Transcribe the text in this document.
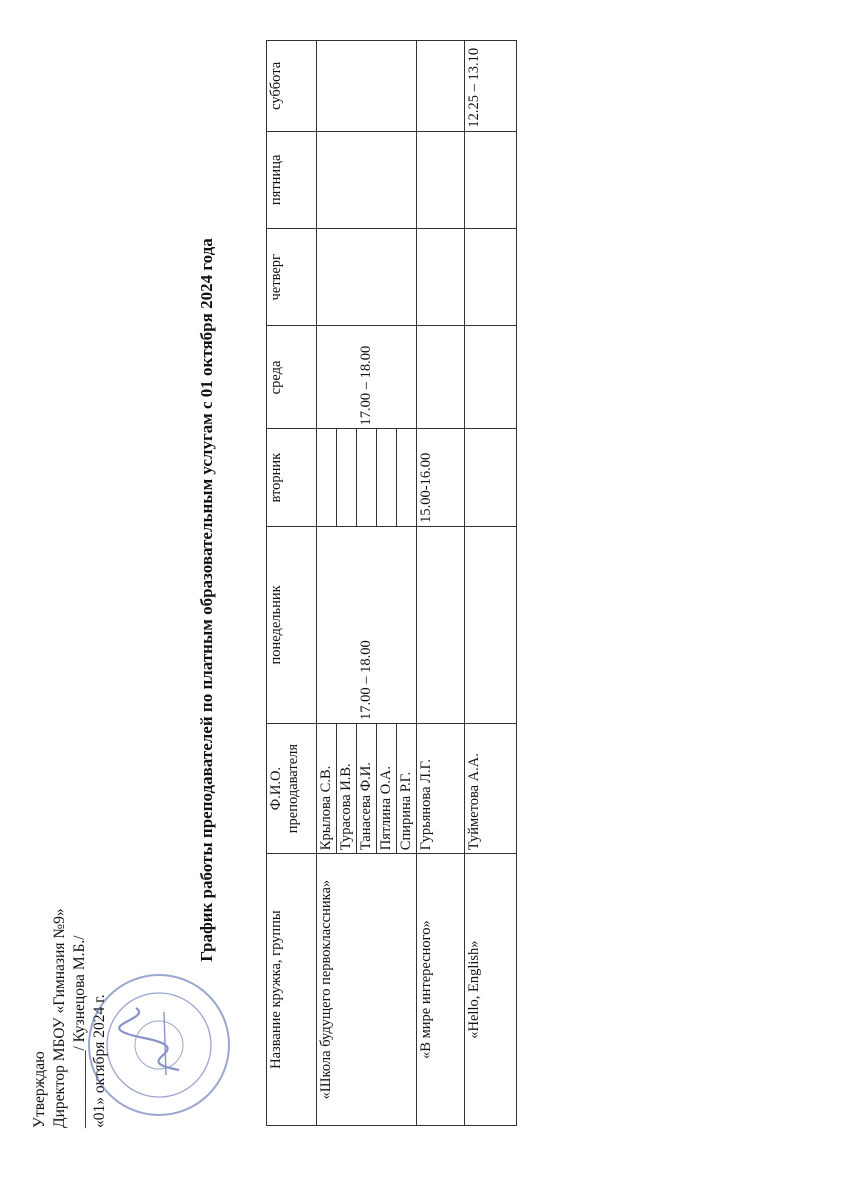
Утверждаю Директор МБОУ «Гимназия №9» __________/ Кузнецова М.Б./ «01» октября 2024 г.
График работы преподавателей по платным образовательным услугам с 01 октября 2024 года
Название кружка, группы	Ф.И.О. преподавателя	понедельник	вторник	среда	четверг	пятница	суббота
«Школа будущего первоклассника»	Крылова С.В.	17.00 – 18.00		17.00 – 18.00			
	Турасова И.В.						
	Танасева Ф.И.						
	Пятлина О.А.						
	Спирина Р.Г.						
«В мире интересного»	Гурьянова Л.Г.		15.00-16.00				
«Hello, English»	Туйметова А.А.						12.25 – 13.10
